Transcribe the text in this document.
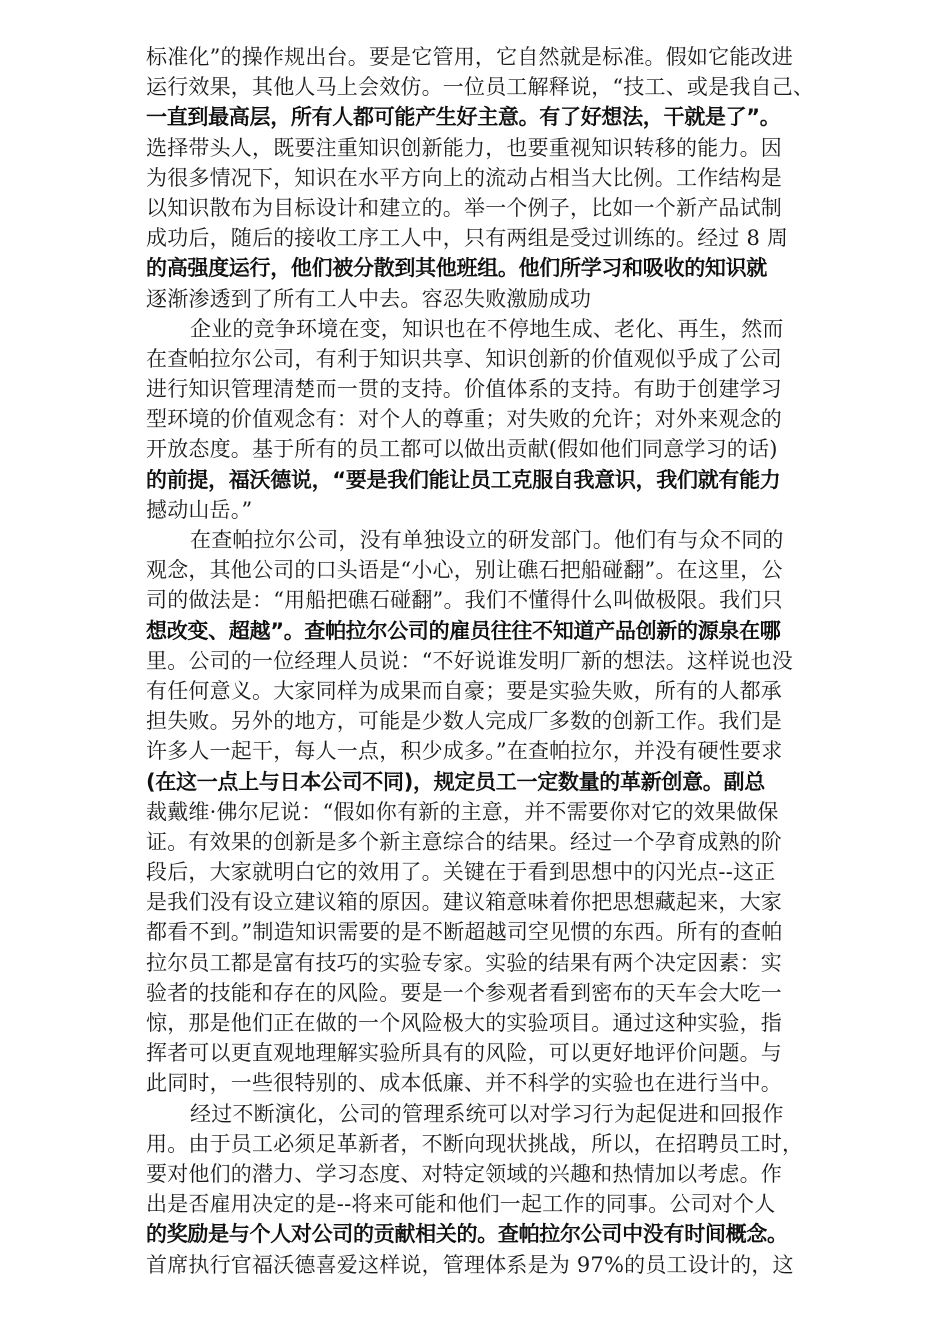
标准化”的操作规出台。要是它管用，它自然就是标准。假如它能改进
运行效果，其他人马上会效仿。一位员工解释说，“技工、或是我自己、
一直到最高层，所有人都可能产生好主意。有了好想法，干就是了”。
选择带头人，既要注重知识创新能力，也要重视知识转移的能力。因
为很多情况下，知识在水平方向上的流动占相当大比例。工作结构是
以知识散布为目标设计和建立的。举一个例子，比如一个新产品试制
成功后，随后的接收工序工人中，只有两组是受过训练的。经过 8 周
的高强度运行，他们被分散到其他班组。他们所学习和吸收的知识就
逐渐渗透到了所有工人中去。容忍失败激励成功
企业的竞争环境在变，知识也在不停地生成、老化、再生，然而
在查帕拉尔公司，有利于知识共享、知识创新的价值观似乎成了公司
进行知识管理清楚而一贯的支持。价值体系的支持。有助于创建学习
型环境的价值观念有：对个人的尊重；对失败的允许；对外来观念的
开放态度。基于所有的员工都可以做出贡献(假如他们同意学习的话)
的前提，福沃德说，“要是我们能让员工克服自我意识，我们就有能力
撼动山岳。”
在查帕拉尔公司，没有单独设立的研发部门。他们有与众不同的
观念，其他公司的口头语是“小心，别让礁石把船碰翻”。在这里，公
司的做法是：“用船把礁石碰翻”。我们不懂得什么叫做极限。我们只
想改变、超越”。查帕拉尔公司的雇员往往不知道产品创新的源泉在哪
里。公司的一位经理人员说：“不好说谁发明厂新的想法。这样说也没
有任何意义。大家同样为成果而自豪；要是实验失败，所有的人都承
担失败。另外的地方，可能是少数人完成厂多数的创新工作。我们是
许多人一起干，每人一点，积少成多。”在查帕拉尔，并没有硬性要求
(在这一点上与日本公司不同)，规定员工一定数量的革新创意。副总
裁戴维·佛尔尼说：“假如你有新的主意，并不需要你对它的效果做保
证。有效果的创新是多个新主意综合的结果。经过一个孕育成熟的阶
段后，大家就明白它的效用了。关键在于看到思想中的闪光点--这正
是我们没有设立建议箱的原因。建议箱意味着你把思想藏起来，大家
都看不到。”制造知识需要的是不断超越司空见惯的东西。所有的查帕
拉尔员工都是富有技巧的实验专家。实验的结果有两个决定因素：实
验者的技能和存在的风险。要是一个参观者看到密布的天车会大吃一
惊，那是他们正在做的一个风险极大的实验项目。通过这种实验，指
挥者可以更直观地理解实验所具有的风险，可以更好地评价问题。与
此同时，一些很特别的、成本低廉、并不科学的实验也在进行当中。
经过不断演化，公司的管理系统可以对学习行为起促进和回报作
用。由于员工必须足革新者，不断向现状挑战，所以，在招聘员工时，
要对他们的潜力、学习态度、对特定领域的兴趣和热情加以考虑。作
出是否雇用决定的是--将来可能和他们一起工作的同事。公司对个人
的奖励是与个人对公司的贡献相关的。查帕拉尔公司中没有时间概念。
首席执行官福沃德喜爱这样说，管理体系是为 97%的员工设计的，这
